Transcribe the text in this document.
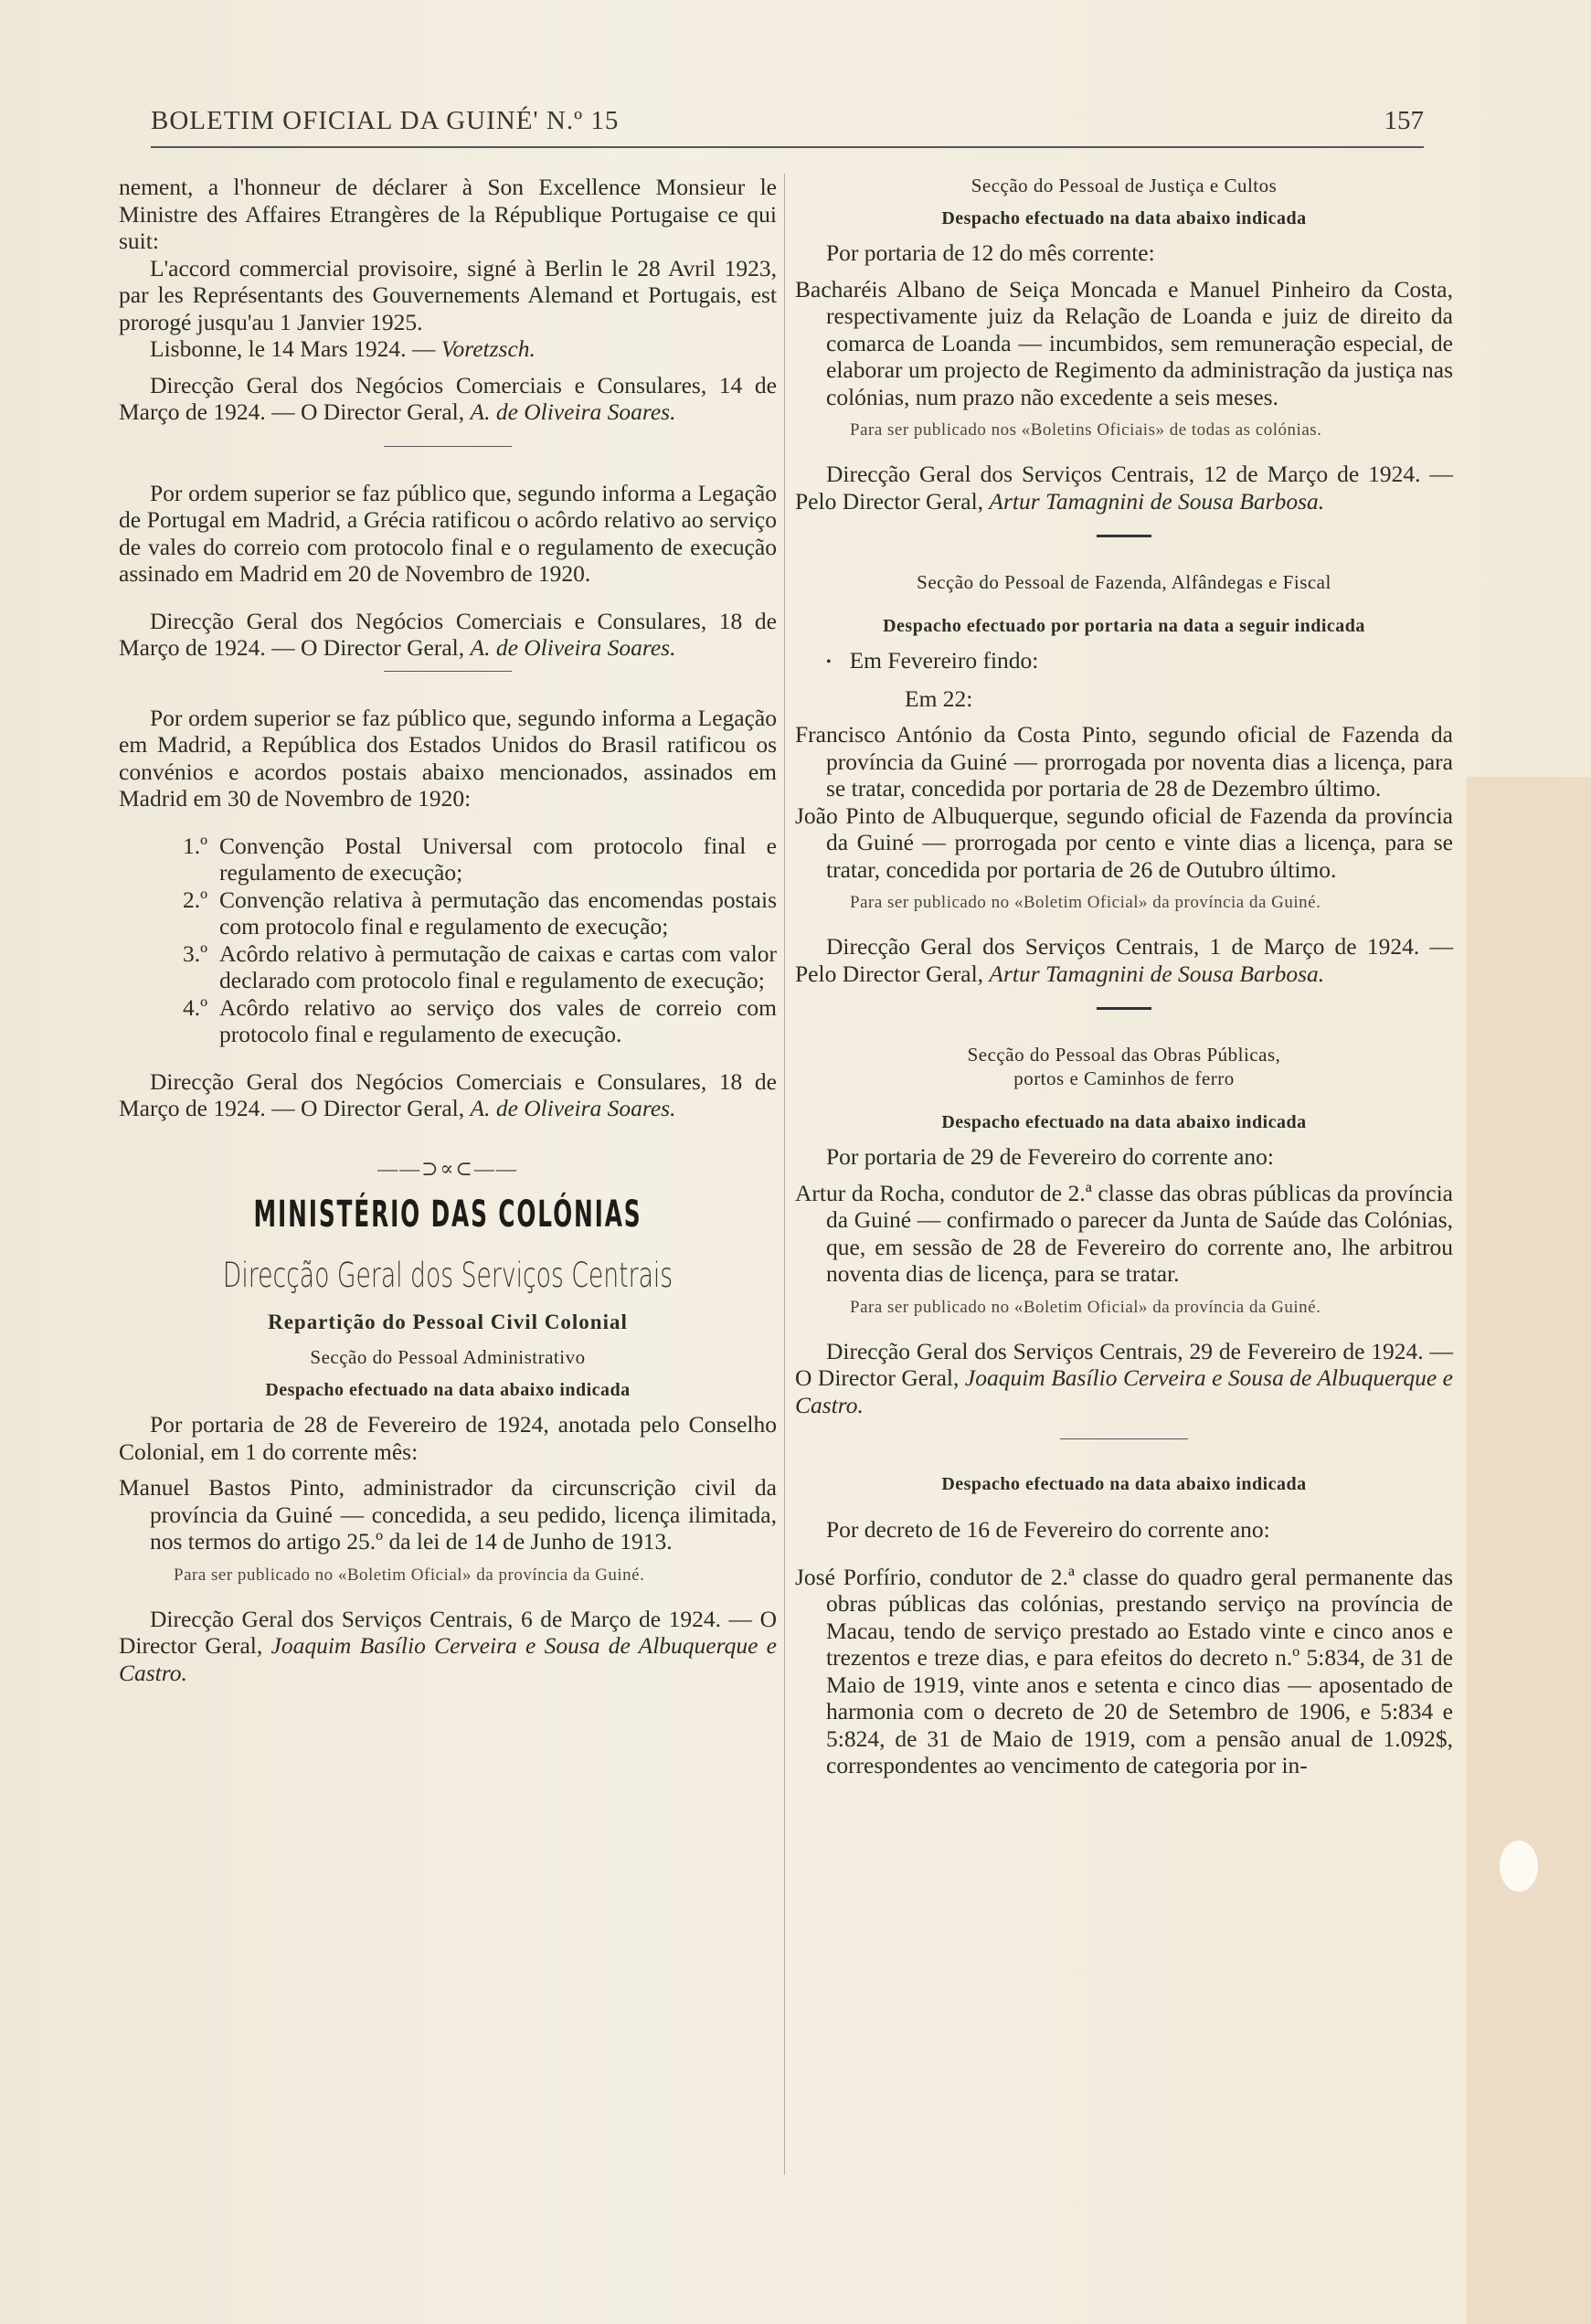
BOLETIM OFICIAL DA GUINÉ' N.º 15	157

nement, a l'honneur de déclarer à Son Excellence Monsieur le Ministre des Affaires Etrangères de la République Portugaise ce qui suit:

L'accord commercial provisoire, signé à Berlin le 28 Avril 1923, par les Représentants des Gouvernements Alemand et Portugais, est prorogé jusqu'au 1 Janvier 1925.

Lisbonne, le 14 Mars 1924. — Voretzsch.

Direcção Geral dos Negócios Comerciais e Consulares, 14 de Março de 1924. — O Director Geral, A. de Oliveira Soares.

Por ordem superior se faz público que, segundo informa a Legação de Portugal em Madrid, a Grécia ratificou o acôrdo relativo ao serviço de vales do correio com protocolo final e o regulamento de execução assinado em Madrid em 20 de Novembro de 1920.

Direcção Geral dos Negócios Comerciais e Consulares, 18 de Março de 1924. — O Director Geral, A. de Oliveira Soares.

Por ordem superior se faz público que, segundo informa a Legação em Madrid, a República dos Estados Unidos do Brasil ratificou os convénios e acordos postais abaixo mencionados, assinados em Madrid em 30 de Novembro de 1920:

1.º Convenção Postal Universal com protocolo final e regulamento de execução;

2.º Convenção relativa à permutação das encomendas postais com protocolo final e regulamento de execução;

3.º Acôrdo relativo à permutação de caixas e cartas com valor declarado com protocolo final e regulamento de execução;

4.º Acôrdo relativo ao serviço dos vales de correio com protocolo final e regulamento de execução.

Direcção Geral dos Negócios Comerciais e Consulares, 18 de Março de 1924. — O Director Geral, A. de Oliveira Soares.

——⊃∝⊂——
MINISTÉRIO DAS COLÓNIAS
Direcção Geral dos Serviços Centrais
Repartição do Pessoal Civil Colonial
Secção do Pessoal Administrativo
Despacho efectuado na data abaixo indicada

Por portaria de 28 de Fevereiro de 1924, anotada pelo Conselho Colonial, em 1 do corrente mês:

Manuel Bastos Pinto, administrador da circunscrição civil da província da Guiné — concedida, a seu pedido, licença ilimitada, nos termos do artigo 25.º da lei de 14 de Junho de 1913.

Para ser publicado no «Boletim Oficial» da província da Guiné.

Direcção Geral dos Serviços Centrais, 6 de Março de 1924. — O Director Geral, Joaquim Basílio Cerveira e Sousa de Albuquerque e Castro.

Secção do Pessoal de Justiça e Cultos
Despacho efectuado na data abaixo indicada

Por portaria de 12 do mês corrente:

Bacharéis Albano de Seiça Moncada e Manuel Pinheiro da Costa, respectivamente juiz da Relação de Loanda e juiz de direito da comarca de Loanda — incumbidos, sem remuneração especial, de elaborar um projecto de Regimento da administração da justiça nas colónias, num prazo não excedente a seis meses.

Para ser publicado nos «Boletins Oficiais» de todas as colónias.

Direcção Geral dos Serviços Centrais, 12 de Março de 1924. — Pelo Director Geral, Artur Tamagnini de Sousa Barbosa.

Secção do Pessoal de Fazenda, Alfândegas e Fiscal
Despacho efectuado por portaria na data a seguir indicada

• Em Fevereiro findo:

Em 22:

Francisco António da Costa Pinto, segundo oficial de Fazenda da província da Guiné — prorrogada por noventa dias a licença, para se tratar, concedida por portaria de 28 de Dezembro último.

João Pinto de Albuquerque, segundo oficial de Fazenda da província da Guiné — prorrogada por cento e vinte dias a licença, para se tratar, concedida por portaria de 26 de Outubro último.

Para ser publicado no «Boletim Oficial» da província da Guiné.

Direcção Geral dos Serviços Centrais, 1 de Março de 1924. — Pelo Director Geral, Artur Tamagnini de Sousa Barbosa.

Secção do Pessoal das Obras Públicas,
portos e Caminhos de ferro
Despacho efectuado na data abaixo indicada

Por portaria de 29 de Fevereiro do corrente ano:

Artur da Rocha, condutor de 2.ª classe das obras públicas da província da Guiné — confirmado o parecer da Junta de Saúde das Colónias, que, em sessão de 28 de Fevereiro do corrente ano, lhe arbitrou noventa dias de licença, para se tratar.

Para ser publicado no «Boletim Oficial» da província da Guiné.

Direcção Geral dos Serviços Centrais, 29 de Fevereiro de 1924. — O Director Geral, Joaquim Basílio Cerveira e Sousa de Albuquerque e Castro.

Despacho efectuado na data abaixo indicada

Por decreto de 16 de Fevereiro do corrente ano:

José Porfírio, condutor de 2.ª classe do quadro geral permanente das obras públicas das colónias, prestando serviço na província de Macau, tendo de serviço prestado ao Estado vinte e cinco anos e trezentos e treze dias, e para efeitos do decreto n.º 5:834, de 31 de Maio de 1919, vinte anos e setenta e cinco dias — aposentado de harmonia com o decreto de 20 de Setembro de 1906, e 5:834 e 5:824, de 31 de Maio de 1919, com a pensão anual de 1.092$, correspondentes ao vencimento de categoria por in-
